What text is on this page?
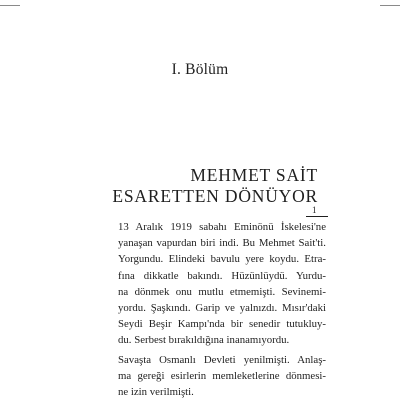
I. Bölüm
MEHMET SAİT
ESARETTEN DÖNÜYOR
1

13 Aralık 1919 sabahı Eminönü İskelesi'ne
yanaşan vapurdan biri indi. Bu Mehmet Sait'ti.
Yorgundu. Elindeki bavulu yere koydu. Etra-
fına dikkatle bakındı. Hüzünlüydü. Yurdu-
na dönmek onu mutlu etmemişti. Sevinemi-
yordu. Şaşkındı. Garip ve yalnızdı. Mısır'daki
Seydi Beşir Kampı'nda bir senedir tutukluy-
du. Serbest bırakıldığına inanamıyordu.

Savaşta Osmanlı Devleti yenilmişti. Anlaş-
ma gereği esirlerin memleketlerine dönmesi-
ne izin verilmişti.
